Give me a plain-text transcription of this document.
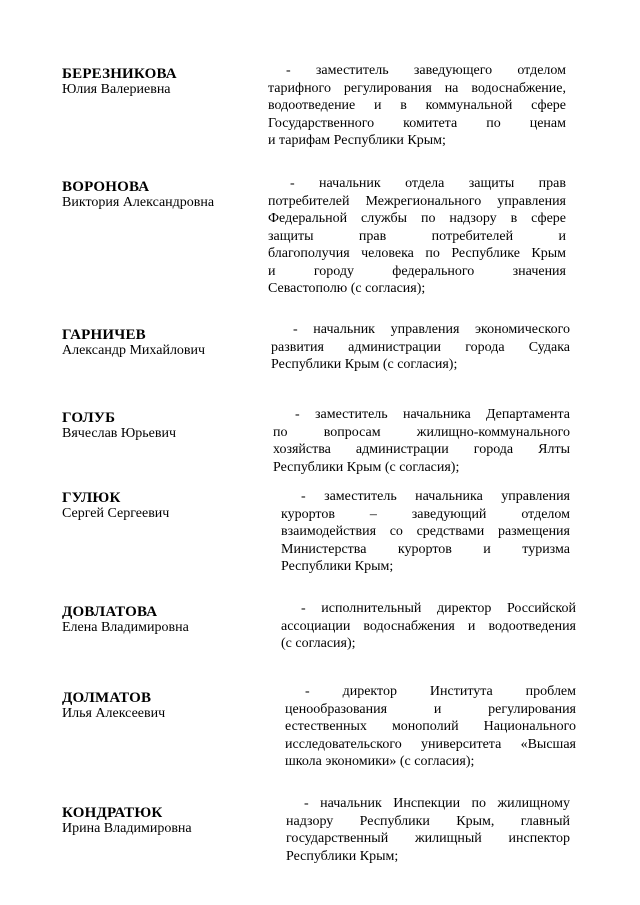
БЕРЕЗНИКОВА
Юлия Валериевна
- заместитель заведующего отделом
тарифного регулирования на водоснабжение,
водоотведение и в коммунальной сфере
Государственного комитета по ценам
и тарифам Республики Крым;
ВОРОНОВА
Виктория Александровна
- начальник отдела защиты прав
потребителей Межрегионального управления
Федеральной службы по надзору в сфере
защиты прав потребителей и
благополучия человека по Республике Крым
и городу федерального значения
Севастополю (с согласия);
ГАРНИЧЕВ
Александр Михайлович
- начальник управления экономического
развития администрации города Судака
Республики Крым (с согласия);
ГОЛУБ
Вячеслав Юрьевич
- заместитель начальника Департамента
по вопросам жилищно-коммунального
хозяйства администрации города Ялты
Республики Крым (с согласия);
ГУЛЮК
Сергей Сергеевич
- заместитель начальника управления
курортов – заведующий отделом
взаимодействия со средствами размещения
Министерства курортов и туризма
Республики Крым;
ДОВЛАТОВА
Елена Владимировна
- исполнительный директор Российской
ассоциации водоснабжения и водоотведения
(с согласия);
ДОЛМАТОВ
Илья Алексеевич
- директор Института проблем
ценообразования и регулирования
естественных монополий Национального
исследовательского университета «Высшая
школа экономики» (с согласия);
КОНДРАТЮК
Ирина Владимировна
- начальник Инспекции по жилищному
надзору Республики Крым, главный
государственный жилищный инспектор
Республики Крым;
